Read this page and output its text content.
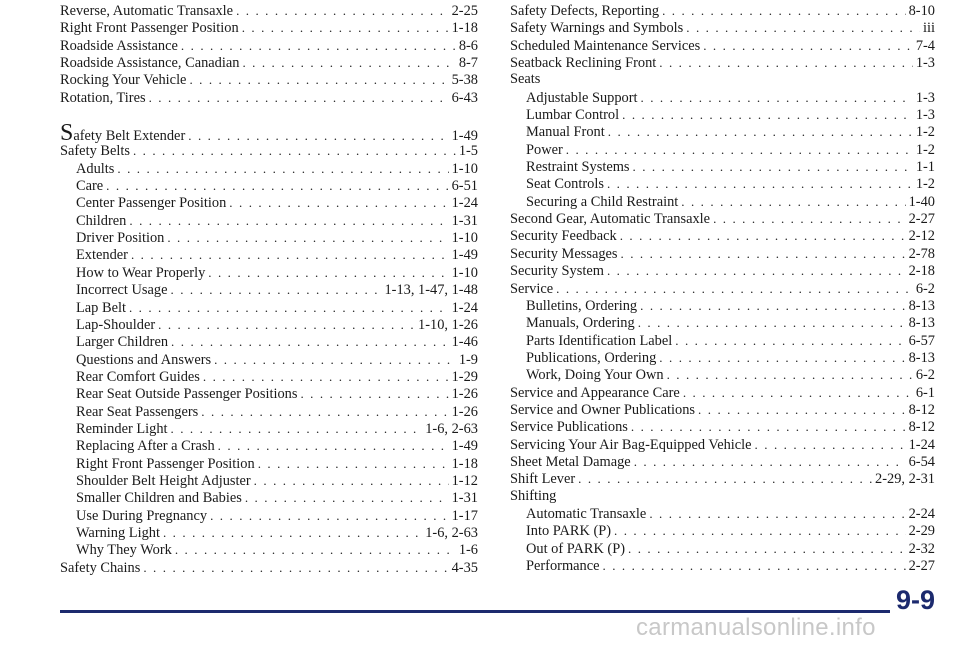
Reverse, Automatic Transaxle . . .	2-25
Right Front Passenger Position . . .	1-18
Roadside Assistance . . .	8-6
Roadside Assistance, Canadian . . .	8-7
Rocking Your Vehicle . . .	5-38
Rotation, Tires . . .	6-43
Safety Belt Extender . . .	1-49
Safety Belts . . .	1-5
Adults . . .	1-10
Care . . .	6-51
Center Passenger Position . . .	1-24
Children . . .	1-31
Driver Position . . .	1-10
Extender . . .	1-49
How to Wear Properly . . .	1-10
Incorrect Usage . . .	1-13, 1-47, 1-48
Lap Belt . . .	1-24
Lap-Shoulder . . .	1-10, 1-26
Larger Children . . .	1-46
Questions and Answers . . .	1-9
Rear Comfort Guides . . .	1-29
Rear Seat Outside Passenger Positions . . .	1-26
Rear Seat Passengers . . .	1-26
Reminder Light . . .	1-6, 2-63
Replacing After a Crash . . .	1-49
Right Front Passenger Position . . .	1-18
Shoulder Belt Height Adjuster . . .	1-12
Smaller Children and Babies . . .	1-31
Use During Pregnancy . . .	1-17
Warning Light . . .	1-6, 2-63
Why They Work . . .	1-6
Safety Chains . . .	4-35
Safety Defects, Reporting . . .	8-10
Safety Warnings and Symbols . . .	iii
Scheduled Maintenance Services . . .	7-4
Seatback Reclining Front . . .	1-3
Seats
Adjustable Support . . .	1-3
Lumbar Control . . .	1-3
Manual Front . . .	1-2
Power . . .	1-2
Restraint Systems . . .	1-1
Seat Controls . . .	1-2
Securing a Child Restraint . . .	1-40
Second Gear, Automatic Transaxle . . .	2-27
Security Feedback . . .	2-12
Security Messages . . .	2-78
Security System . . .	2-18
Service . . .	6-2
Bulletins, Ordering . . .	8-13
Manuals, Ordering . . .	8-13
Parts Identification Label . . .	6-57
Publications, Ordering . . .	8-13
Work, Doing Your Own . . .	6-2
Service and Appearance Care . . .	6-1
Service and Owner Publications . . .	8-12
Service Publications . . .	8-12
Servicing Your Air Bag-Equipped Vehicle . . .	1-24
Sheet Metal Damage . . .	6-54
Shift Lever . . .	2-29, 2-31
Shifting
Automatic Transaxle . . .	2-24
Into PARK (P) . . .	2-29
Out of PARK (P) . . .	2-32
Performance . . .	2-27
9-9
carmanualsonline.info
